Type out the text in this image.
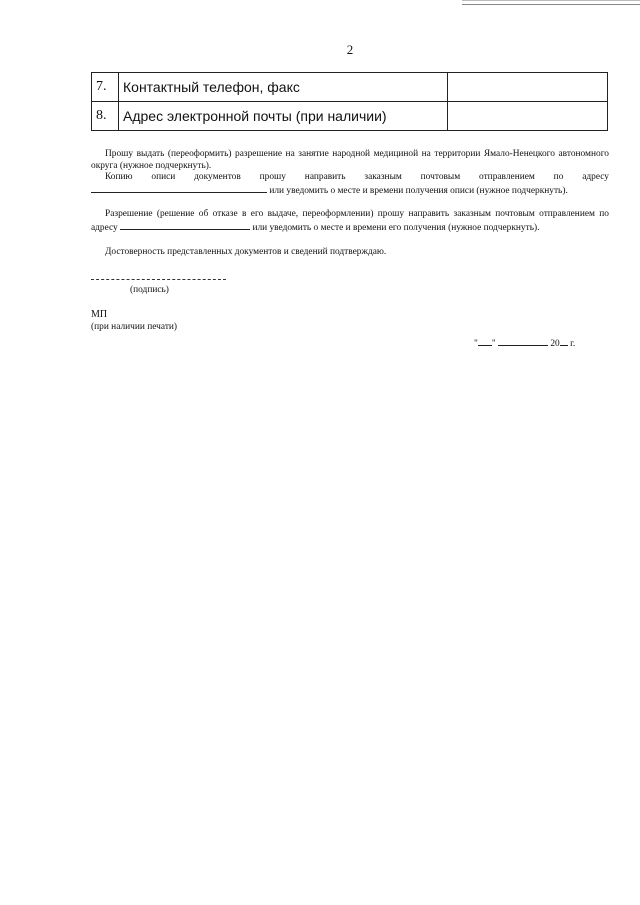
2
7.	Контактный телефон, факс	
8.	Адрес электронной почты (при наличии)	
Прошу выдать (переоформить) разрешение на занятие народной медициной на территории Ямало-Ненецкого автономного округа (нужное подчеркнуть).
Копию описи документов прошу направить заказным почтовым отправлением по адресу  или уведомить о месте и времени получения описи (нужное подчеркнуть).
Разрешение (решение об отказе в его выдаче, переоформлении) прошу направить заказным почтовым отправлением по адресу	или уведомить о месте и времени его получения (нужное подчеркнуть).
Достоверность представленных документов и сведений подтверждаю.
(подпись)
МП
(при наличии печати)
" "	20 г.
